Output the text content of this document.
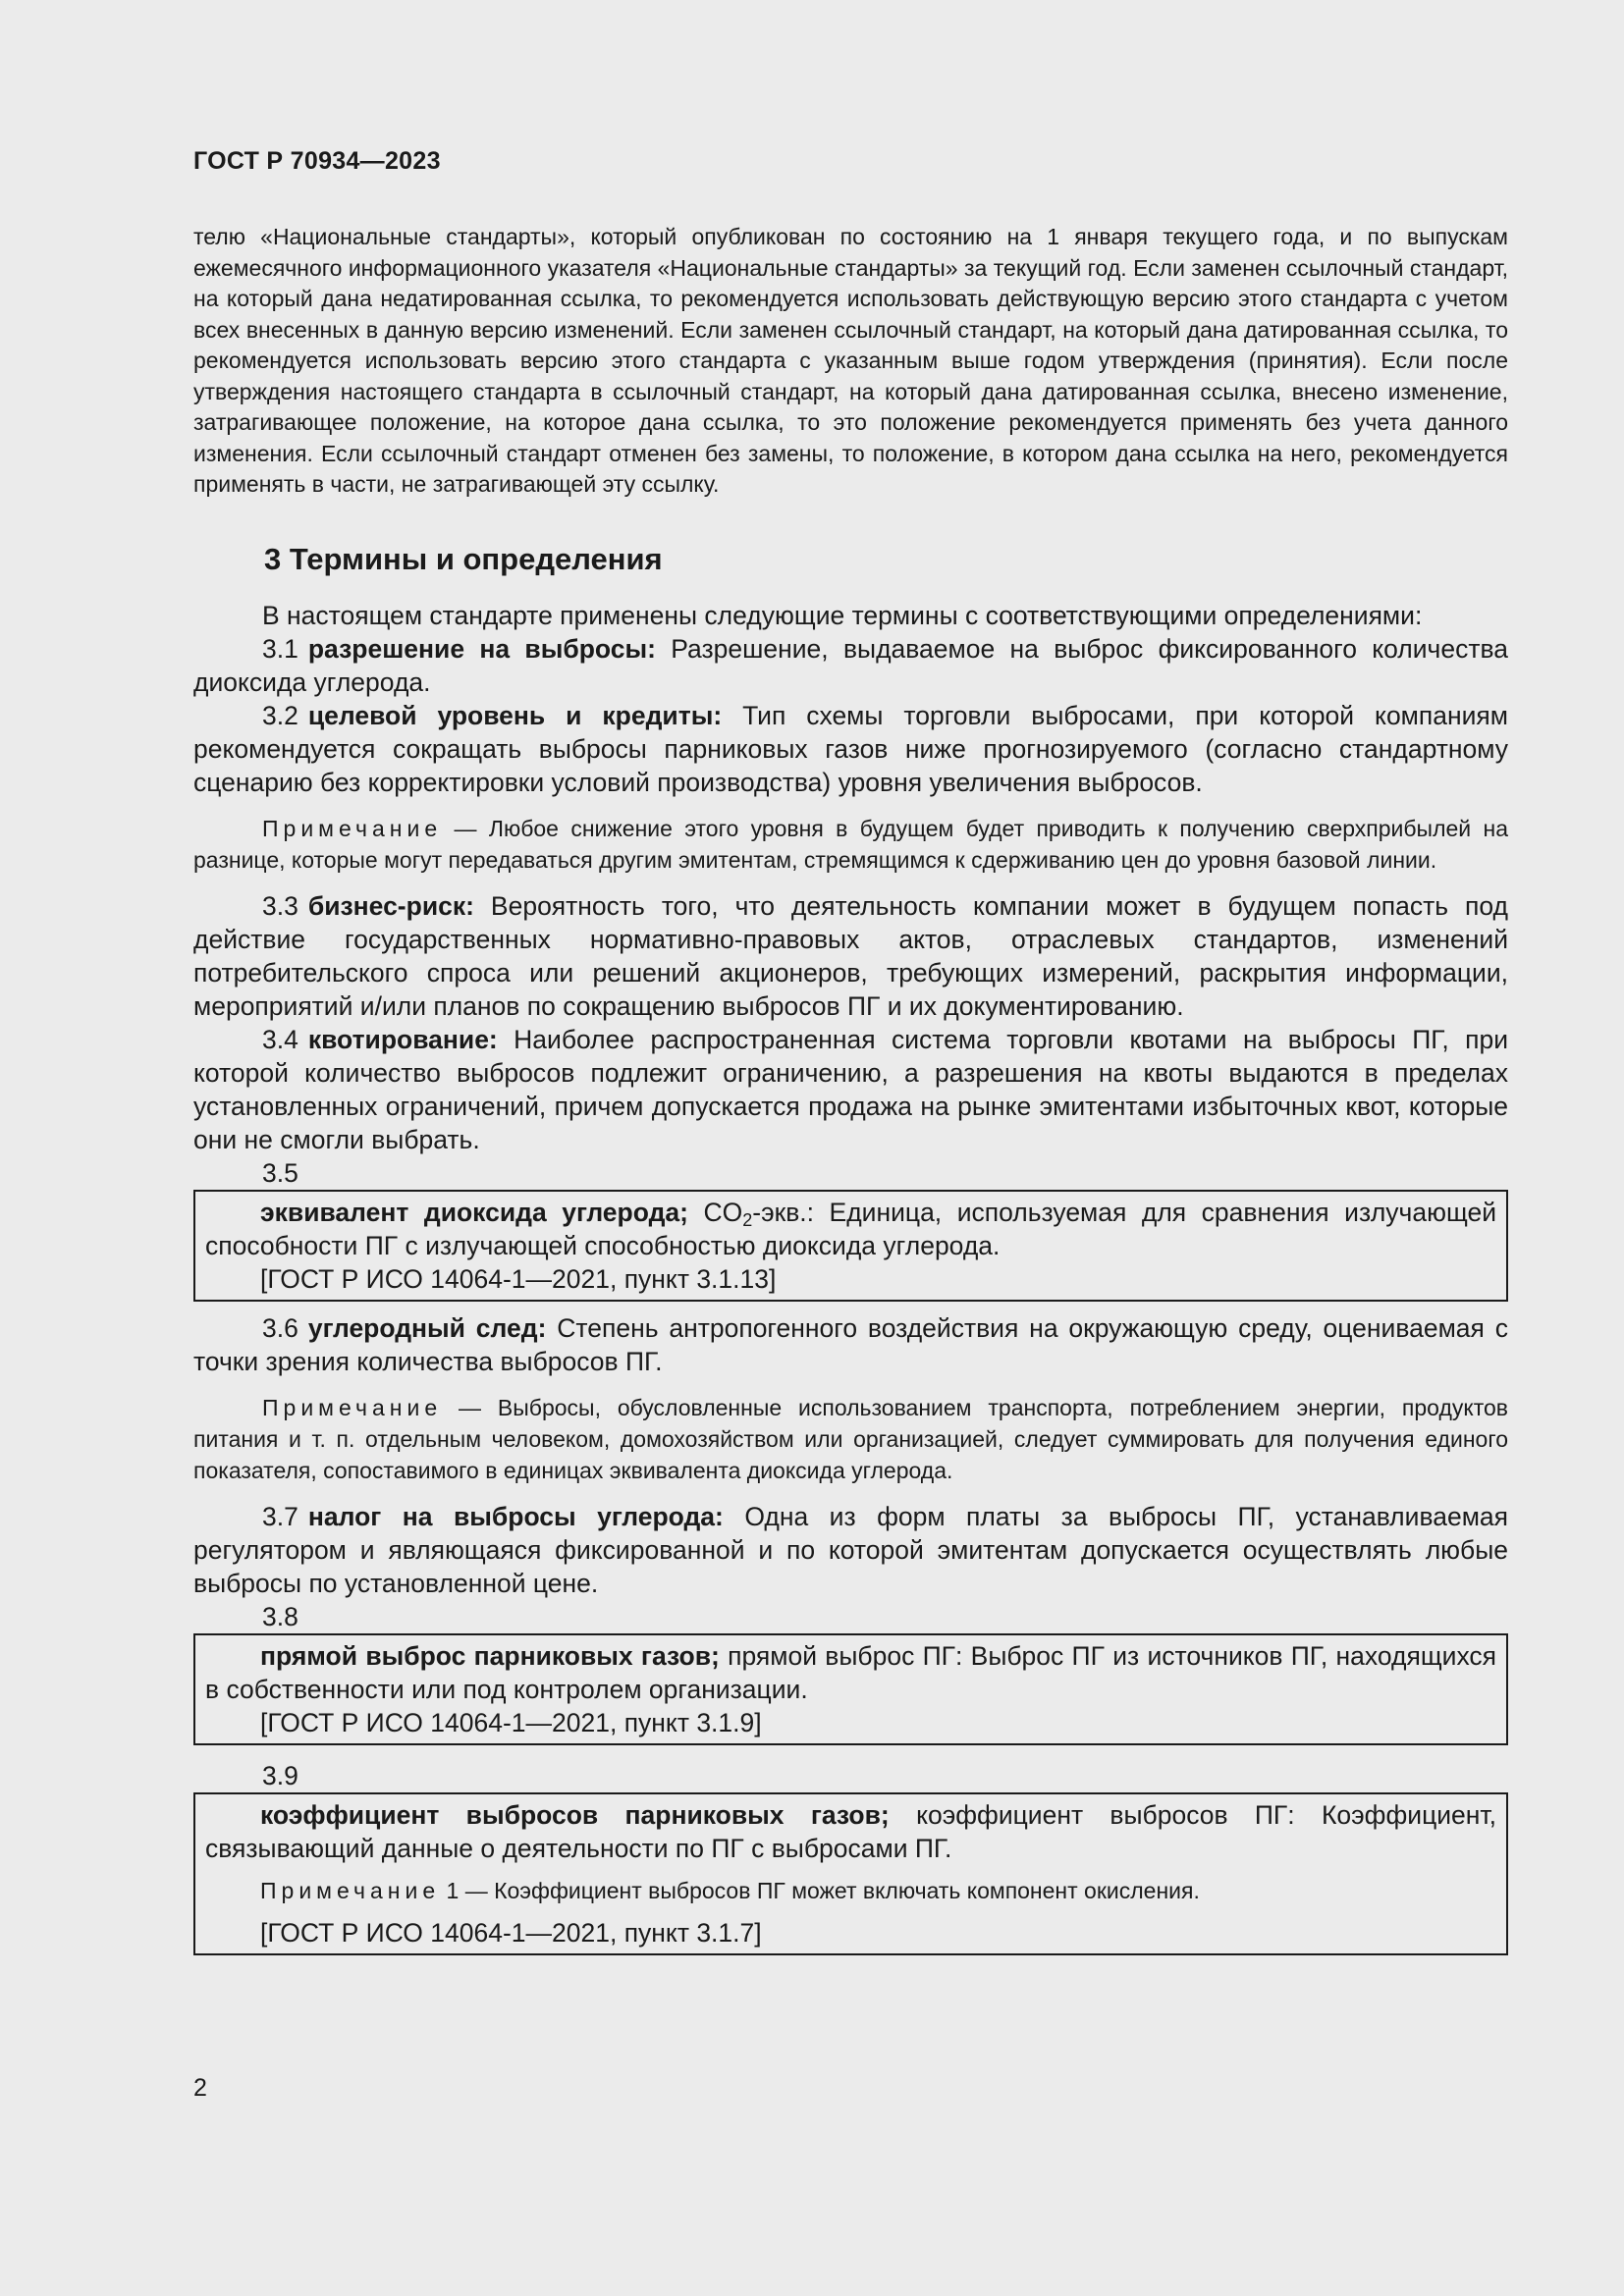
ГОСТ Р 70934—2023

телю «Национальные стандарты», который опубликован по состоянию на 1 января текущего года, и по выпускам ежемесячного информационного указателя «Национальные стандарты» за текущий год. Если заменен ссылочный стандарт, на который дана недатированная ссылка, то рекомендуется использовать действующую версию этого стандарта с учетом всех внесенных в данную версию изменений. Если заменен ссылочный стандарт, на который дана датированная ссылка, то рекомендуется использовать версию этого стандарта с указанным выше годом утверждения (принятия). Если после утверждения настоящего стандарта в ссылочный стандарт, на который дана датированная ссылка, внесено изменение, затрагивающее положение, на которое дана ссылка, то это положение рекомендуется применять без учета данного изменения. Если ссылочный стандарт отменен без замены, то положение, в котором дана ссылка на него, рекомендуется применять в части, не затрагивающей эту ссылку.

3 Термины и определения

В настоящем стандарте применены следующие термины с соответствующими определениями:

3.1 разрешение на выбросы: Разрешение, выдаваемое на выброс фиксированного количества диоксида углерода.

3.2 целевой уровень и кредиты: Тип схемы торговли выбросами, при которой компаниям рекомендуется сокращать выбросы парниковых газов ниже прогнозируемого (согласно стандартному сценарию без корректировки условий производства) уровня увеличения выбросов.

Примечание — Любое снижение этого уровня в будущем будет приводить к получению сверхприбылей на разнице, которые могут передаваться другим эмитентам, стремящимся к сдерживанию цен до уровня базовой линии.

3.3 бизнес-риск: Вероятность того, что деятельность компании может в будущем попасть под действие государственных нормативно-правовых актов, отраслевых стандартов, изменений потребительского спроса или решений акционеров, требующих измерений, раскрытия информации, мероприятий и/или планов по сокращению выбросов ПГ и их документированию.

3.4 квотирование: Наиболее распространенная система торговли квотами на выбросы ПГ, при которой количество выбросов подлежит ограничению, а разрешения на квоты выдаются в пределах установленных ограничений, причем допускается продажа на рынке эмитентами избыточных квот, которые они не смогли выбрать.

3.5

эквивалент диоксида углерода; $CO_2$-экв.: Единица, используемая для сравнения излучающей способности ПГ с излучающей способностью диоксида углерода.

[ГОСТ Р ИСО 14064-1—2021, пункт 3.1.13]

3.6 углеродный след: Степень антропогенного воздействия на окружающую среду, оцениваемая с точки зрения количества выбросов ПГ.

Примечание — Выбросы, обусловленные использованием транспорта, потреблением энергии, продуктов питания и т. п. отдельным человеком, домохозяйством или организацией, следует суммировать для получения единого показателя, сопоставимого в единицах эквивалента диоксида углерода.

3.7 налог на выбросы углерода: Одна из форм платы за выбросы ПГ, устанавливаемая регулятором и являющаяся фиксированной и по которой эмитентам допускается осуществлять любые выбросы по установленной цене.

3.8

прямой выброс парниковых газов; прямой выброс ПГ: Выброс ПГ из источников ПГ, находящихся в собственности или под контролем организации.

[ГОСТ Р ИСО 14064-1—2021, пункт 3.1.9]
3.9

коэффициент выбросов парниковых газов; коэффициент выбросов ПГ: Коэффициент, связывающий данные о деятельности по ПГ с выбросами ПГ.

Примечание 1 — Коэффициент выбросов ПГ может включать компонент окисления.

[ГОСТ Р ИСО 14064-1—2021, пункт 3.1.7]
2
